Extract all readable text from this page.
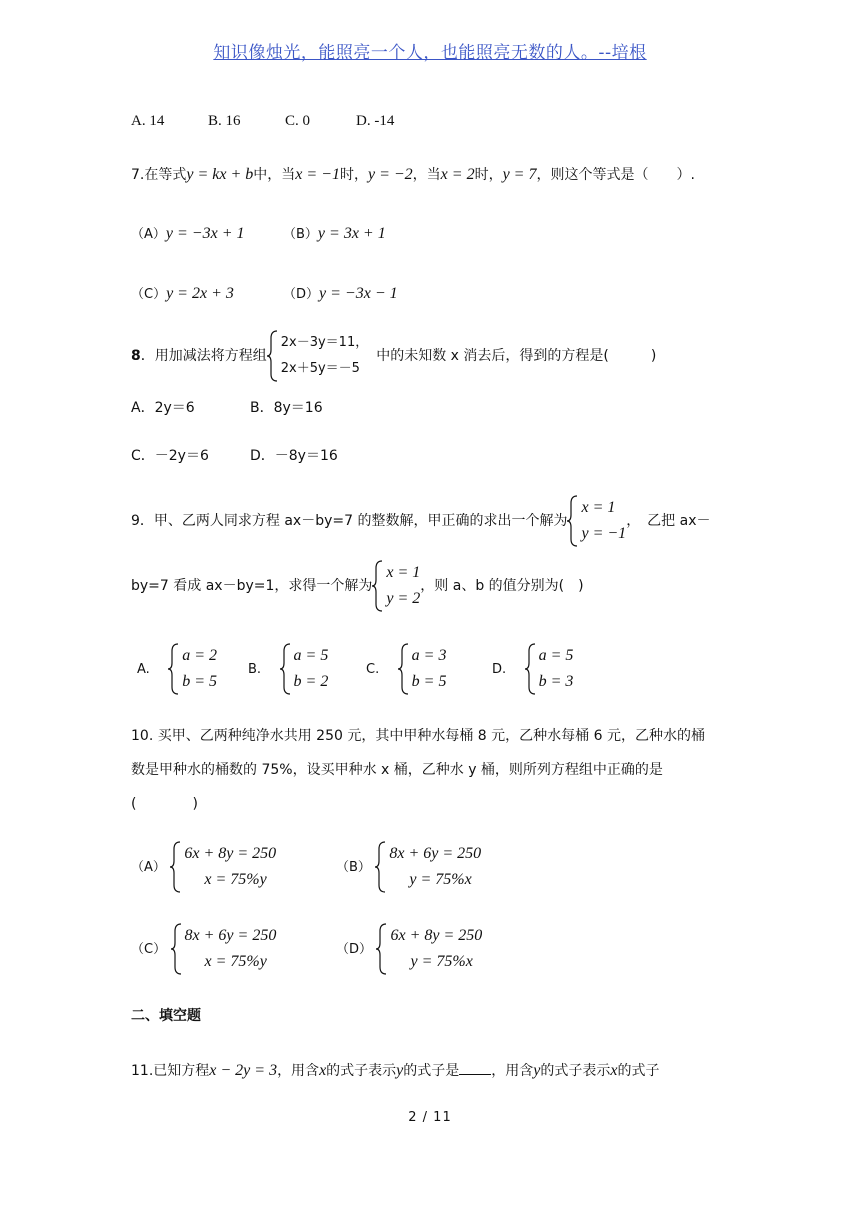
知识像烛光，能照亮一个人，也能照亮无数的人。--培根
A. 14	B. 16	C. 0	D. -14
7.在等式y = kx + b中，当x = −1时，y = −2，当x = 2时，y = 7，则这个等式是（　　）.
（A）y = −3x + 1	（B）y = 3x + 1
（C）y = 2x + 3	（D）y = −3x − 1
8．用加减法将方程组
2x－3y＝11，
2x＋5y＝－5
中的未知数 x 消去后，得到的方程是(　　　)
A．2y＝6	B．8y＝16
C．－2y＝6	D．－8y＝16
9．甲、乙两人同求方程 ax－by=7 的整数解，甲正确的求出一个解为
x = 1
y = −1
，　乙把 ax－
by=7 看成 ax－by=1，求得一个解为
x = 1
y = 2
，则 a、b 的值分别为(　)
A.
a = 2
b = 5
B.
a = 5
b = 2
C.
a = 3
b = 5
D.
a = 5
b = 3
10. 买甲、乙两种纯净水共用 250 元，其中甲种水每桶 8 元，乙种水每桶 6 元，乙种水的桶
数是甲种水的桶数的 75%，设买甲种水 x 桶，乙种水 y 桶，则所列方程组中正确的是
(　　　　)
（A）
6x + 8y = 250
x = 75%y
（B）
8x + 6y = 250
y = 75%x
（C）
8x + 6y = 250
x = 75%y
（D）
6x + 8y = 250
y = 75%x
二、填空题
11.已知方程x − 2y = 3，用含x的式子表示y的式子是 ，用含y的式子表示x的式子
2 / 11
